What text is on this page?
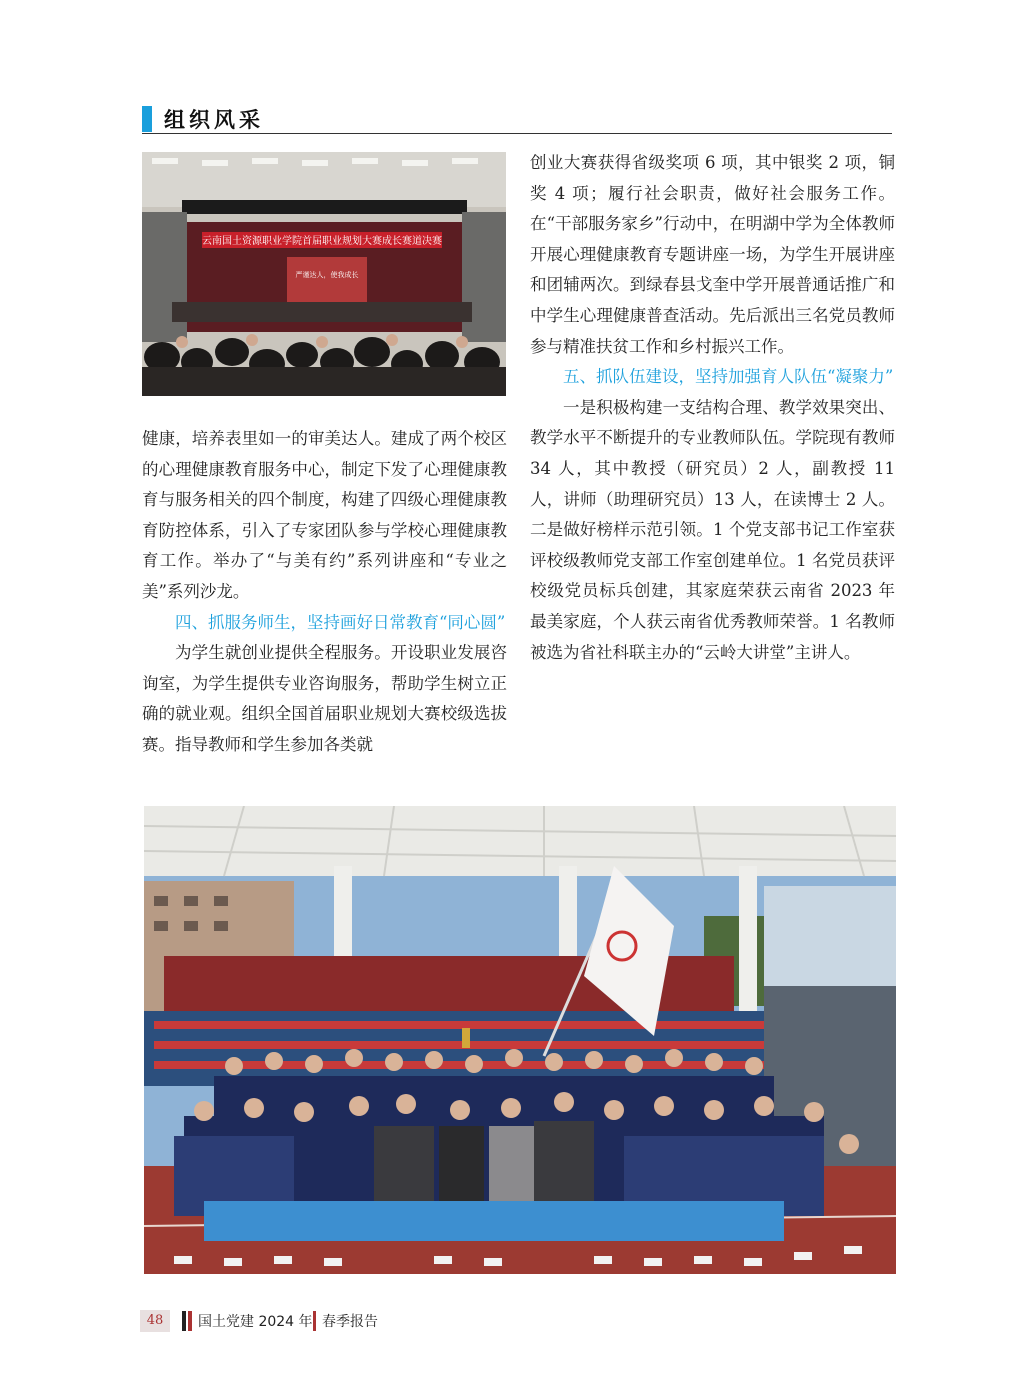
组织风采
云南国土资源职业学院首届职业规划大赛成长赛道决赛
严谨达人，使我成长

健康，培养表里如一的审美达人。建成了两个校区的心理健康教育服务中心，制定下发了心理健康教育与服务相关的四个制度，构建了四级心理健康教育防控体系，引入了专家团队参与学校心理健康教育工作。举办了“与美有约”系列讲座和“专业之美”系列沙龙。

四、抓服务师生，坚持画好日常教育“同心圆”

为学生就创业提供全程服务。开设职业发展咨询室，为学生提供专业咨询服务，帮助学生树立正确的就业观。组织全国首届职业规划大赛校级选拔赛。指导教师和学生参加各类就

创业大赛获得省级奖项 6 项，其中银奖 2 项，铜奖 4 项；履行社会职责，做好社会服务工作。在“干部服务家乡”行动中，在明湖中学为全体教师开展心理健康教育专题讲座一场，为学生开展讲座和团辅两次。到绿春县戈奎中学开展普通话推广和中学生心理健康普查活动。先后派出三名党员教师参与精准扶贫工作和乡村振兴工作。

五、抓队伍建设，坚持加强育人队伍“凝聚力”

一是积极构建一支结构合理、教学效果突出、教学水平不断提升的专业教师队伍。学院现有教师 34 人，其中教授（研究员）2 人，副教授 11 人，讲师（助理研究员）13 人，在读博士 2 人。二是做好榜样示范引领。1 个党支部书记工作室获评校级教师党支部工作室创建单位。1 名党员获评校级党员标兵创建，其家庭荣获云南省 2023 年最美家庭，个人获云南省优秀教师荣誉。1 名教师被选为省社科联主办的“云岭大讲堂”主讲人。

48	国土党建 2024 年 春季报告
